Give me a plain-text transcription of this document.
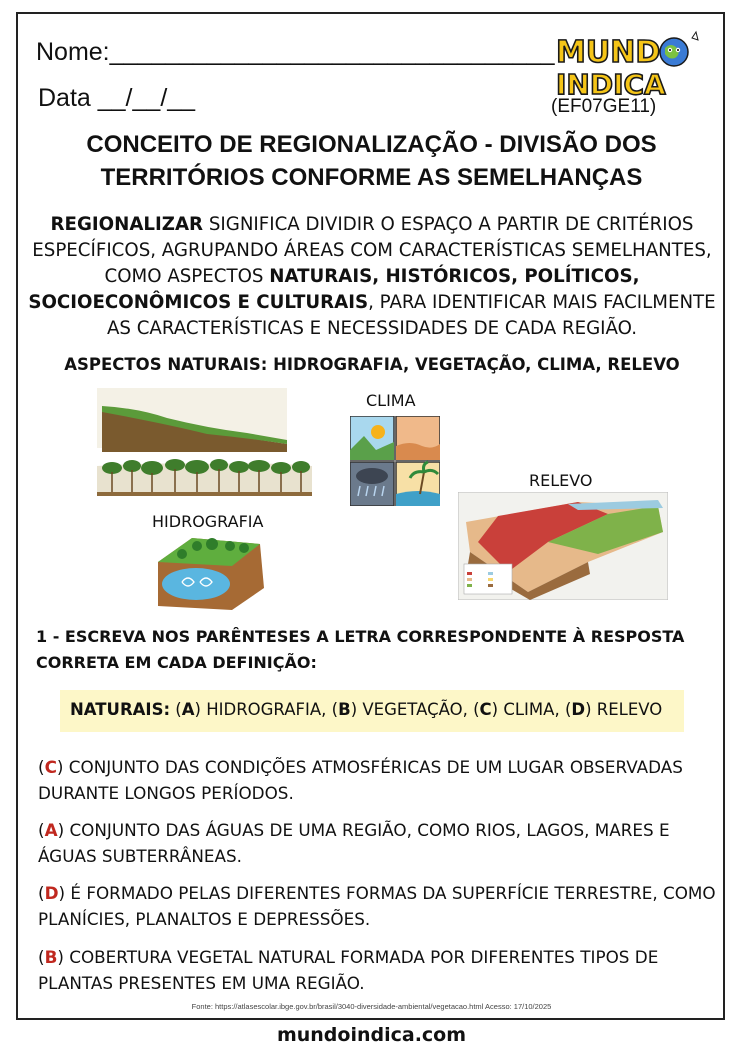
Nome:________________________________
Data __/__/__
MUND
INDICA
(EF07GE11)
CONCEITO DE REGIONALIZAÇÃO - DIVISÃO DOS
TERRITÓRIOS CONFORME AS SEMELHANÇAS
REGIONALIZAR SIGNIFICA DIVIDIR O ESPAÇO A PARTIR DE CRITÉRIOS ESPECÍFICOS, AGRUPANDO ÁREAS COM CARACTERÍSTICAS SEMELHANTES, COMO ASPECTOS NATURAIS, HISTÓRICOS, POLÍTICOS, SOCIOECONÔMICOS E CULTURAIS, PARA IDENTIFICAR MAIS FACILMENTE AS CARACTERÍSTICAS E NECESSIDADES DE CADA REGIÃO.
ASPECTOS NATURAIS: HIDROGRAFIA, VEGETAÇÃO, CLIMA, RELEVO
CLIMA
RELEVO
HIDROGRAFIA
1 - ESCREVA NOS PARÊNTESES A LETRA CORRESPONDENTE À RESPOSTA
CORRETA EM CADA DEFINIÇÃO:
NATURAIS: (A) HIDROGRAFIA, (B) VEGETAÇÃO, (C) CLIMA, (D) RELEVO
(C) CONJUNTO DAS CONDIÇÕES ATMOSFÉRICAS DE UM LUGAR OBSERVADAS
DURANTE LONGOS PERÍODOS.
(A) CONJUNTO DAS ÁGUAS DE UMA REGIÃO, COMO RIOS, LAGOS, MARES E
ÁGUAS SUBTERRÂNEAS.
(D) É FORMADO PELAS DIFERENTES FORMAS DA SUPERFÍCIE TERRESTRE, COMO
PLANÍCIES, PLANALTOS E DEPRESSÕES.
(B) COBERTURA VEGETAL NATURAL FORMADA POR DIFERENTES TIPOS DE
PLANTAS PRESENTES EM UMA REGIÃO.
Fonte: https://atlasescolar.ibge.gov.br/brasil/3040-diversidade-ambiental/vegetacao.html Acesso: 17/10/2025
mundoindica.com
